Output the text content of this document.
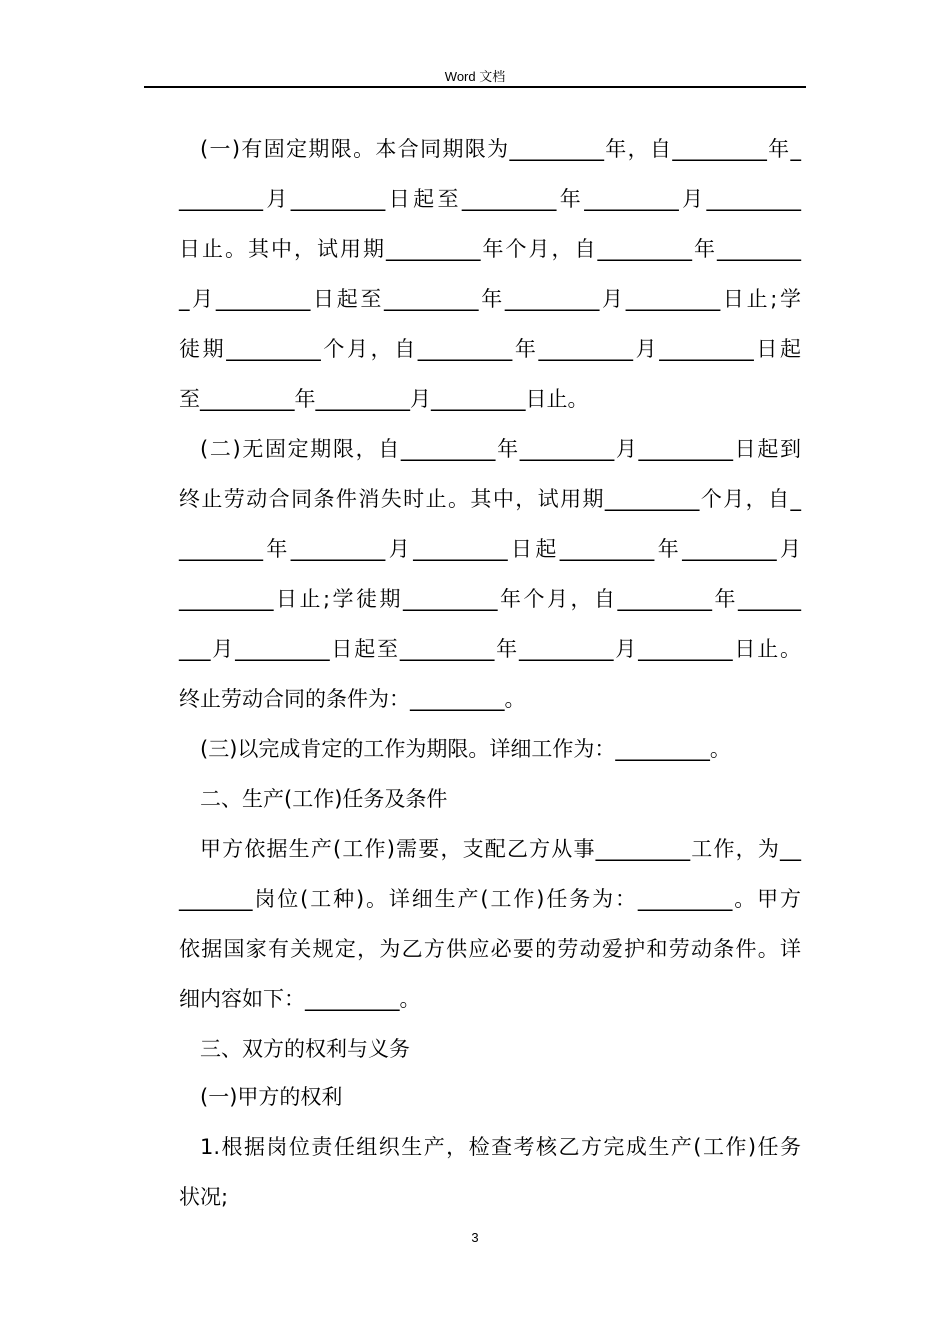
Word 文档
(一)有固定期限。本合同期限为_________年，自_________年_
________月_________日起至_________年_________月_________
日止。其中，试用期_________年个月，自_________年________
_月_________日起至_________年_________月_________日止;学
徒期_________个月，自_________年_________月_________日起
至_________年_________月_________日止。
(二)无固定期限，自_________年_________月_________日起到
终止劳动合同条件消失时止。其中，试用期_________个月，自_
________年_________月_________日起_________年_________月
_________日止;学徒期_________年个月，自_________年______
___月_________日起至_________年_________月_________日止。
终止劳动合同的条件为：_________。
(三)以完成肯定的工作为期限。详细工作为：_________。
二、生产(工作)任务及条件
甲方依据生产(工作)需要，支配乙方从事_________工作，为__
_______岗位(工种)。详细生产(工作)任务为：_________。甲方
依据国家有关规定，为乙方供应必要的劳动爱护和劳动条件。详
细内容如下：_________。
三、双方的权利与义务
(一)甲方的权利
1.根据岗位责任组织生产，检查考核乙方完成生产(工作)任务
状况;
3
